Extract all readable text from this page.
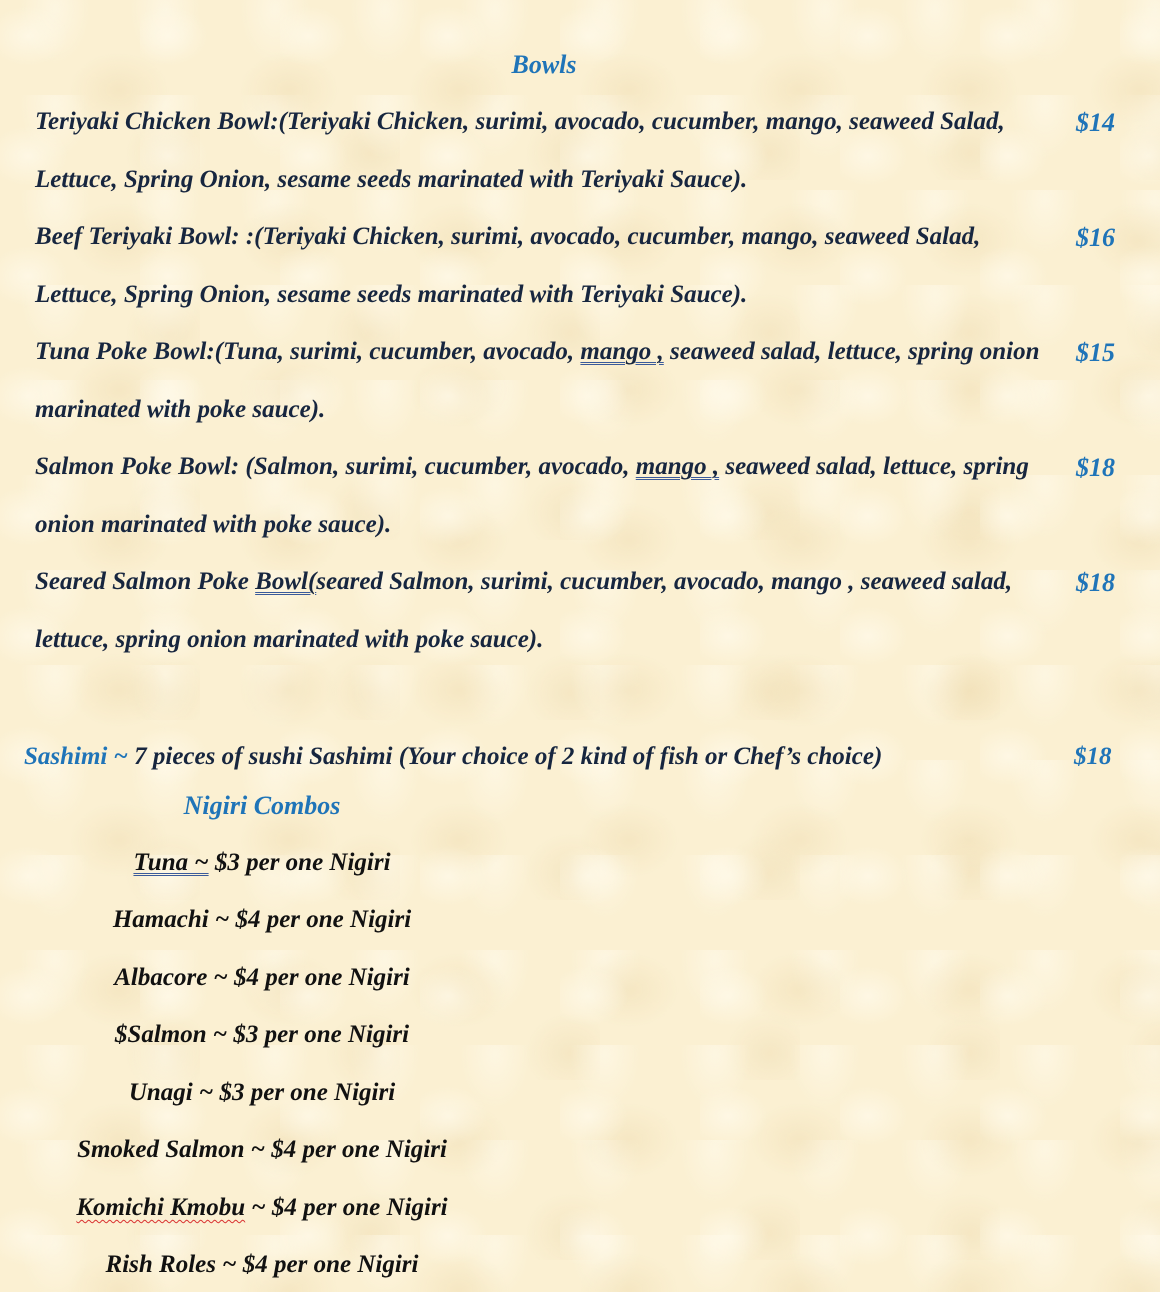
Bowls
Teriyaki Chicken Bowl:(Teriyaki Chicken, surimi, avocado, cucumber, mango, seaweed Salad,	$14
Lettuce, Spring Onion, sesame seeds marinated with Teriyaki Sauce).
Beef Teriyaki Bowl: :(Teriyaki Chicken, surimi, avocado, cucumber, mango, seaweed Salad,	$16
Lettuce, Spring Onion, sesame seeds marinated with Teriyaki Sauce).
Tuna Poke Bowl:(Tuna, surimi, cucumber, avocado, mango , seaweed salad, lettuce, spring onion $15
marinated with poke sauce).
Salmon Poke Bowl: (Salmon, surimi, cucumber, avocado, mango , seaweed salad, lettuce, spring $18
onion marinated with poke sauce).
Seared Salmon Poke Bowl(seared Salmon, surimi, cucumber, avocado, mango , seaweed salad, $18
lettuce, spring onion marinated with poke sauce).
Sashimi ~ 7 pieces of sushi Sashimi (Your choice of 2 kind of fish or Chef’s choice)	$18
Nigiri Combos
Tuna ~ $3 per one Nigiri
Hamachi ~ $4 per one Nigiri
Albacore ~ $4 per one Nigiri
$Salmon ~ $3 per one Nigiri
Unagi ~ $3 per one Nigiri
Smoked Salmon ~ $4 per one Nigiri
Komichi Kmobu ~ $4 per one Nigiri
Rish Roles ~ $4 per one Nigiri
